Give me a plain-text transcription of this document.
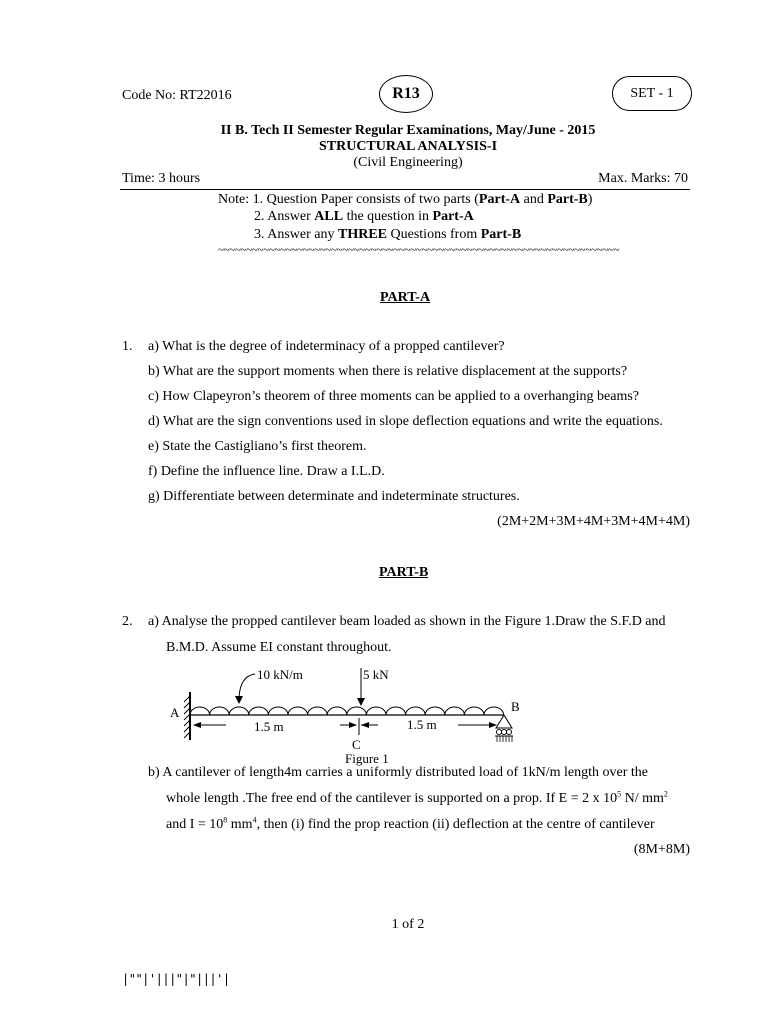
Code No: RT22016	R13	SET - 1
II B. Tech II Semester Regular Examinations, May/June - 2015
STRUCTURAL ANALYSIS-I
(Civil Engineering)
Time: 3 hours	Max. Marks: 70
Note: 1. Question Paper consists of two parts (Part-A and Part-B)
2. Answer ALL the question in Part-A
3. Answer any THREE Questions from Part-B
~~~~~~~~~~~~~~~~~~~~~~~~~~~~~~~~~~~~~~~~~~~~~~~~~~~~~~~~~~~~~~~~~~~~~~~
PART-A
1. a) What is the degree of indeterminacy of a propped cantilever?
b) What are the support moments when there is relative displacement at the supports?
c) How Clapeyron’s theorem of three moments can be applied to a overhanging beams?
d) What are the sign conventions used in slope deflection equations and write the equations.
e) State the Castigliano’s first theorem.
f) Define the influence line. Draw a I.L.D.
g) Differentiate between determinate and indeterminate structures.
(2M+2M+3M+4M+3M+4M+4M)
PART-B
2. a) Analyse the propped cantilever beam loaded as shown in the Figure 1.Draw the S.F.D and
B.M.D. Assume EI constant throughout.
10 kN/m	5 kN
A	B
1.5 m	1.5 m
C
Figure 1
b) A cantilever of length4m carries a uniformly distributed load of 1kN/m length over the
whole length .The free end of the cantilever is supported on a prop. If E = 2 x $10^5$ N/ $mm^2$
and $I = 10^8$ $mm^4$, then (i) find the prop reaction (ii) deflection at the centre of cantilever
(8M+8M)
1 of 2
|""|'|||"|"|||'|
